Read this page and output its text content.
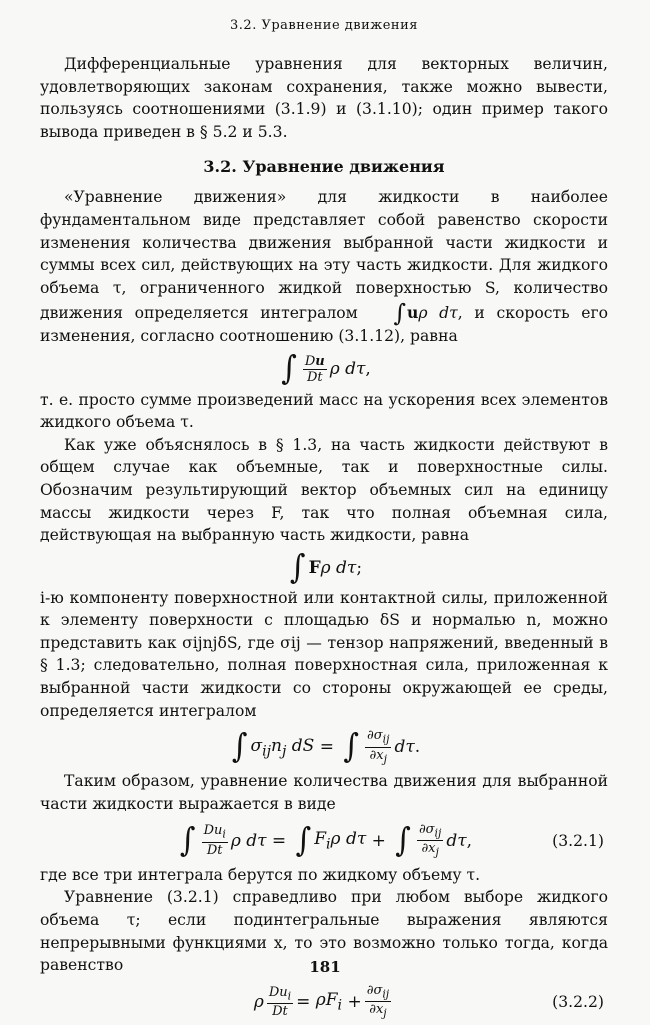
3.2. Уравнение движения

Дифференциальные уравнения для векторных величин, удовлетворяющих законам сохранения, также можно вывести, пользуясь соотношениями (3.1.9) и (3.1.10); один пример такого вывода приведен в § 5.2 и 5.3.

3.2. Уравнение движения

«Уравнение движения» для жидкости в наиболее фундаментальном виде представляет собой равенство скорости изменения количества движения выбранной части жидкости и суммы всех сил, действующих на эту часть жидкости. Для жидкого объема τ, ограниченного жидкой поверхностью S, количество движения определяется интегралом ∫uρ dτ, и скорость его изменения, согласно соотношению (3.1.12), равна

∫ $\frac{Du}{Dt}$ ρ dτ ,

т. е. просто сумме произведений масс на ускорения всех элементов жидкого объема τ.

Как уже объяснялось в § 1.3, на часть жидкости действуют в общем случае как объемные, так и поверхностные силы. Обозначим результирующий вектор объемных сил на единицу массы жидкости через F, так что полная объемная сила, действующая на выбранную часть жидкости, равна

∫ F ρ dτ ;

i-ю компоненту поверхностной или контактной силы, приложенной к элементу поверхности с площадью δS и нормалью n, можно представить как σijnjδS, где σij — тензор напряжений, введенный в § 1.3; следовательно, полная поверхностная сила, приложенная к выбранной части жидкости со стороны окружающей ее среды, определяется интегралом

∫ $\sigma_{ij}n_j$ dS = ∫ $\frac{\partial\sigma_{ij}}{\partial x_j}$ dτ .

Таким образом, уравнение количества движения для выбранной части жидкости выражается в виде

∫ $\frac{Du_i}{Dt}$ ρ dτ = ∫ $F_i\rho$ dτ + ∫ $\frac{\partial\sigma_{ij}}{\partial x_j}$ dτ ,	(3.2.1)

где все три интеграла берутся по жидкому объему τ.

Уравнение (3.2.1) справедливо при любом выборе жидкого объема τ; если подинтегральные выражения являются непрерывными функциями x, то это возможно только тогда, когда равенство

ρ $\frac{Du_i}{Dt} = \rho F_i + \frac{\partial\sigma_{ij}}{\partial x_j}$	(3.2.2)
181
